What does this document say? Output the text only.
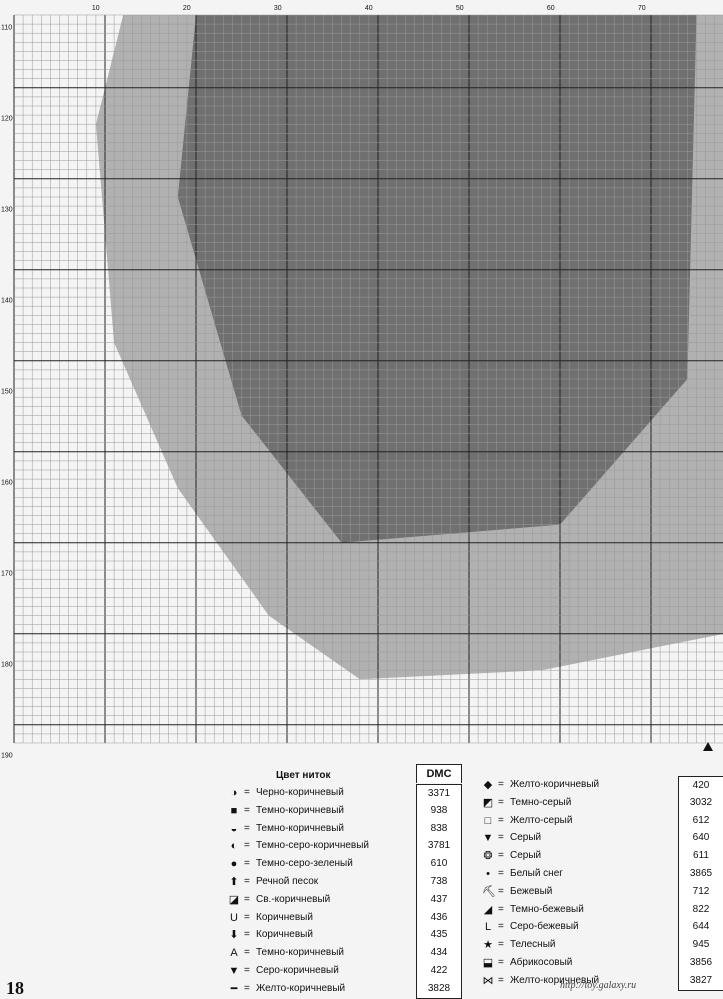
10	20	30	40	50	60	70
110
120
130
140
150
160
170
180
190
Цвет ниток	DMC
◑ = Черно-коричневый	3371
■ = Темно-коричневый	938
◒ = Темно-коричневый	838
◐ = Темно-серо-коричневый	3781
● = Темно-серо-зеленый	610
⬆ = Речной песок	738
◪ = Св.-коричневый	437
U = Коричневый	436
⬇ = Коричневый	435
A = Темно-коричневый	434
▼ = Серо-коричневый	422
━ = Желто-коричневый	3828
◆ = Желто-коричневый	420
◩ = Темно-серый	3032
□ = Желто-серый	612
▼ = Серый	640
❂ = Серый	611
• = Белый снег	3865
⛏ = Бежевый	712
◢ = Темно-бежевый	822
L = Серо-бежевый	644
★ = Телесный	945
⬓ = Абрикосовый	3856
⋈ = Желто-коричневый	3827
18	http://toy.galaxy.ru
